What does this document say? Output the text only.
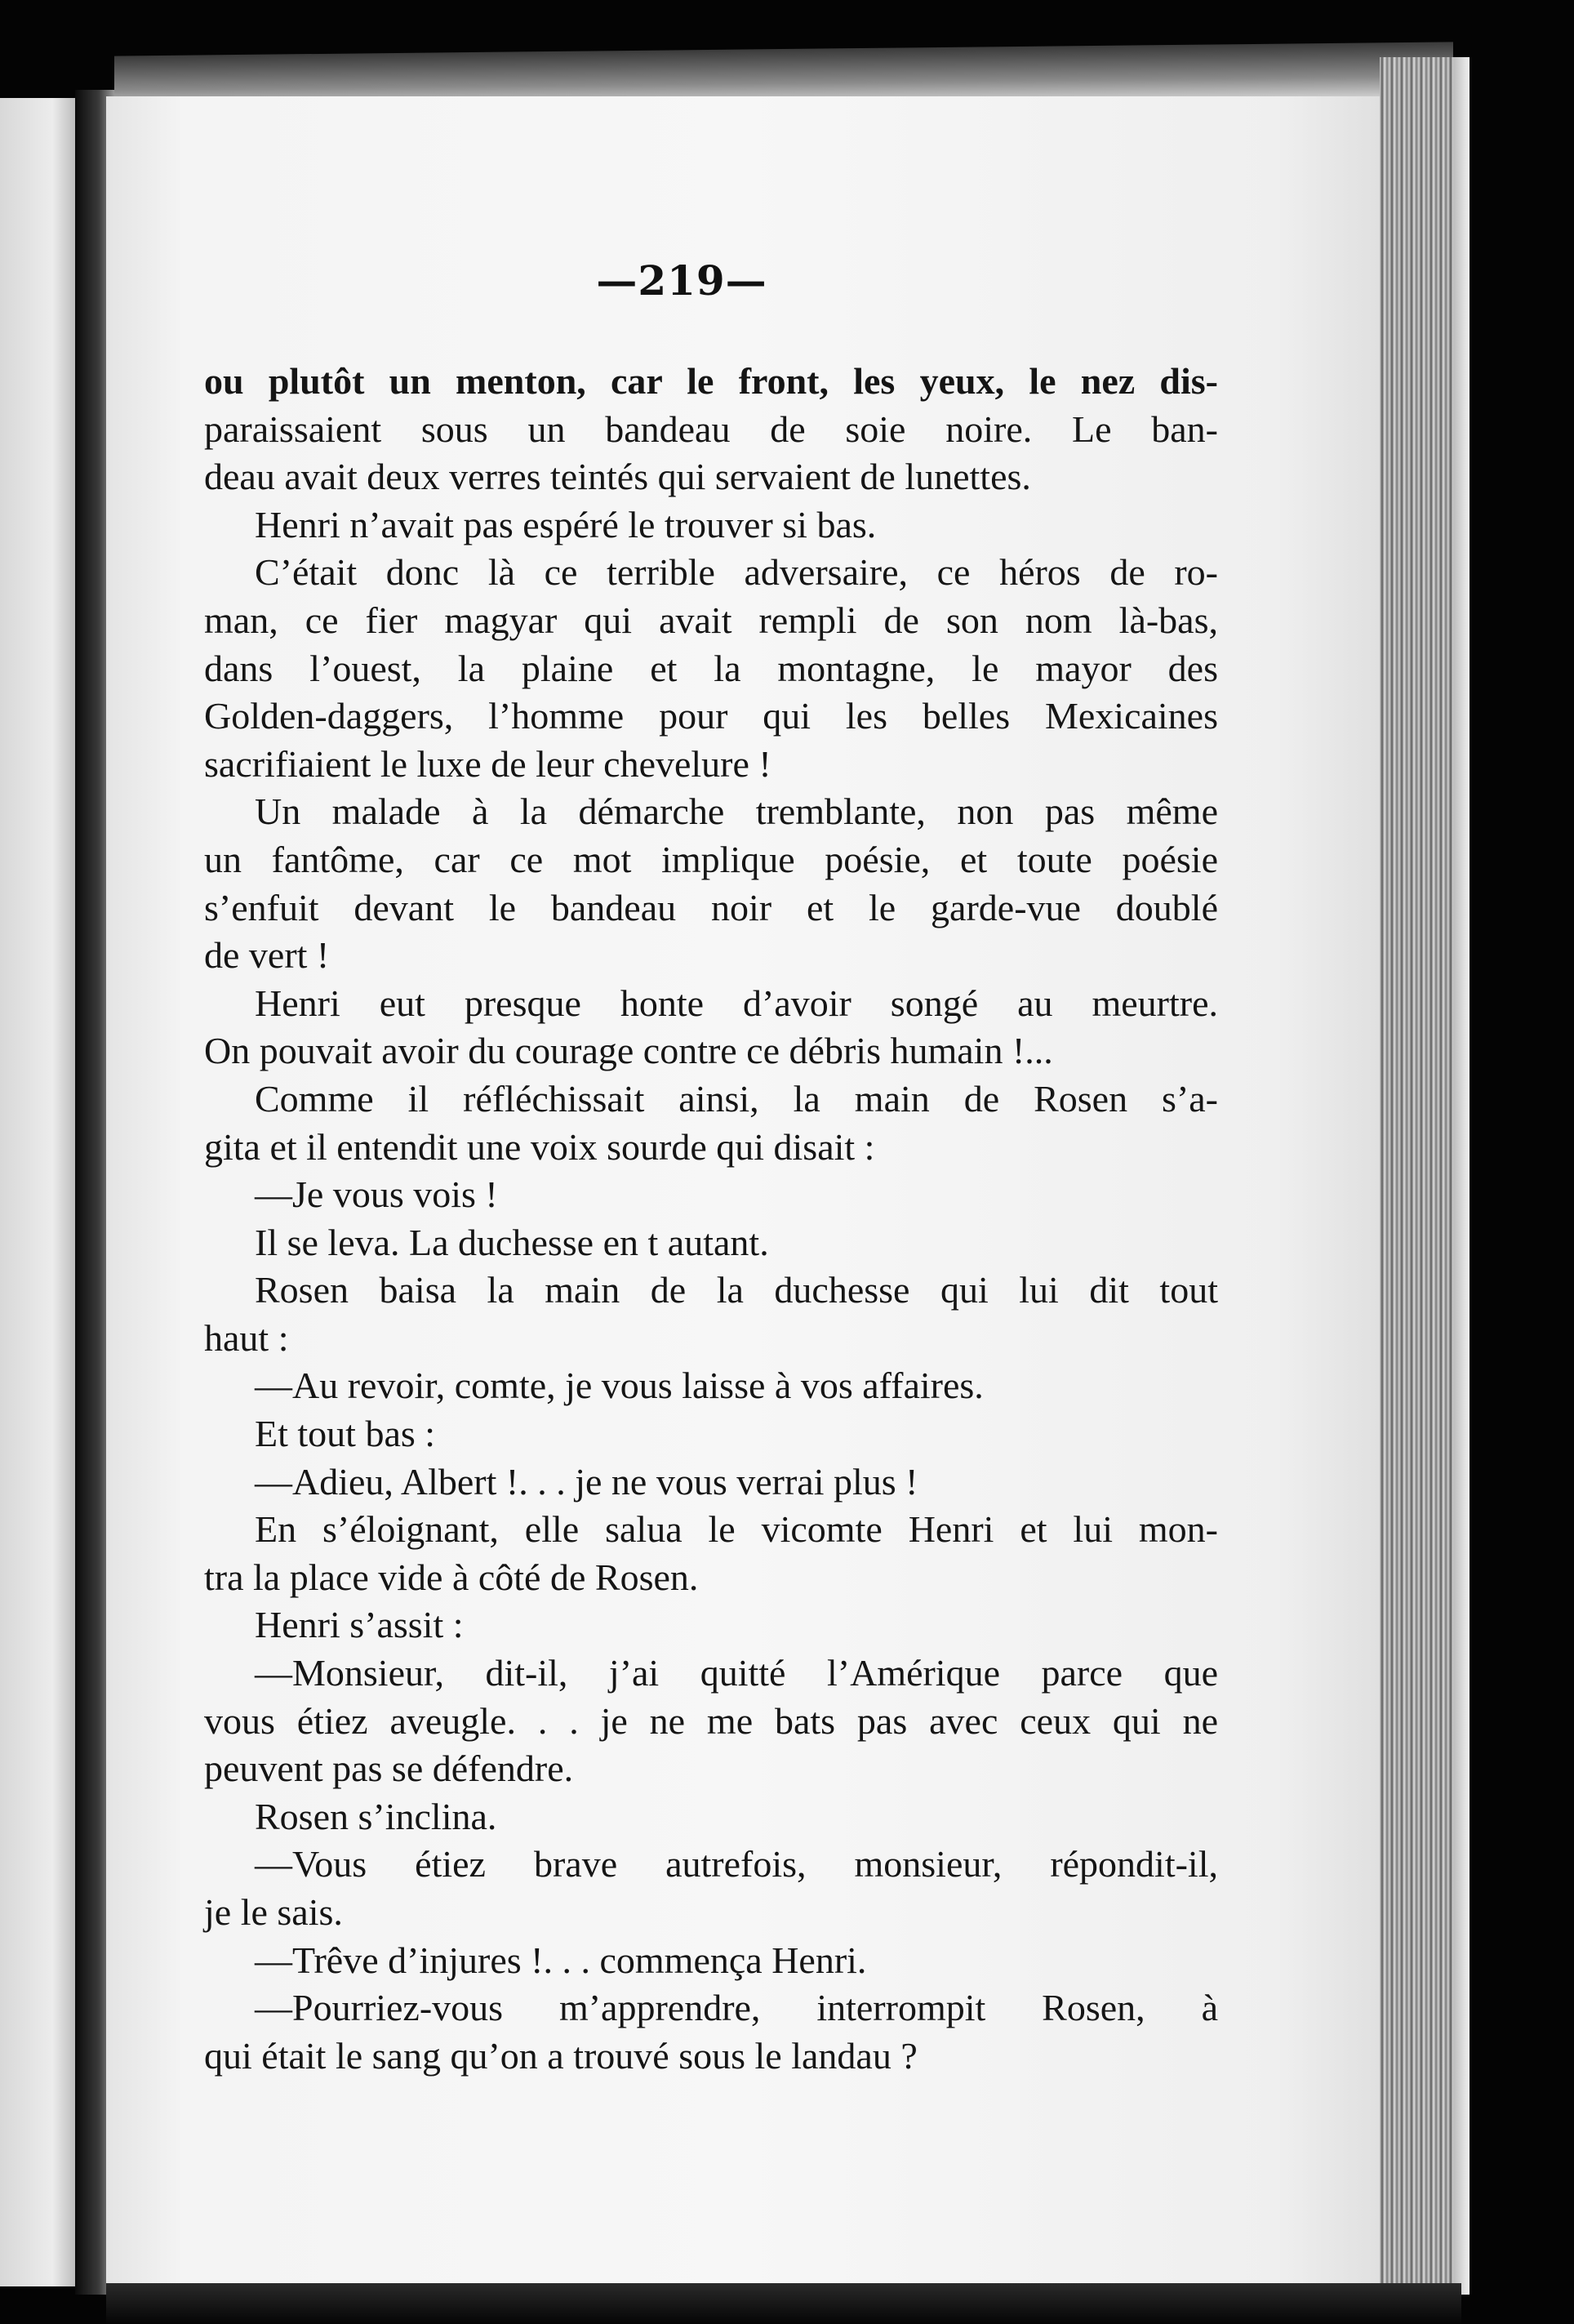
—219—
ou plutôt un menton, car le front, les yeux, le nez dis-
paraissaient sous un bandeau de soie noire. Le ban-
deau avait deux verres teintés qui servaient de lunettes.
Henri n’avait pas espéré le trouver si bas.
C’était donc là ce terrible adversaire, ce héros de ro-
man, ce fier magyar qui avait rempli de son nom là-bas,
dans l’ouest, la plaine et la montagne, le mayor des
Golden-daggers, l’homme pour qui les belles Mexicaines
sacrifiaient le luxe de leur chevelure !
Un malade à la démarche tremblante, non pas même
un fantôme, car ce mot implique poésie, et toute poésie
s’enfuit devant le bandeau noir et le garde-vue doublé
de vert !
Henri eut presque honte d’avoir songé au meurtre.
On pouvait avoir du courage contre ce débris humain !...
Comme il réfléchissait ainsi, la main de Rosen s’a-
gita et il entendit une voix sourde qui disait :
—Je vous vois !
Il se leva. La duchesse en t autant.
Rosen baisa la main de la duchesse qui lui dit tout
haut :
—Au revoir, comte, je vous laisse à vos affaires.
Et tout bas :
—Adieu, Albert !. . . je ne vous verrai plus !
En s’éloignant, elle salua le vicomte Henri et lui mon-
tra la place vide à côté de Rosen.
Henri s’assit :
—Monsieur, dit-il, j’ai quitté l’Amérique parce que
vous étiez aveugle. . . je ne me bats pas avec ceux qui ne
peuvent pas se défendre.
Rosen s’inclina.
—Vous étiez brave autrefois, monsieur, répondit-il,
je le sais.
—Trêve d’injures !. . . commença Henri.
—Pourriez-vous m’apprendre, interrompit Rosen, à
qui était le sang qu’on a trouvé sous le landau ?
